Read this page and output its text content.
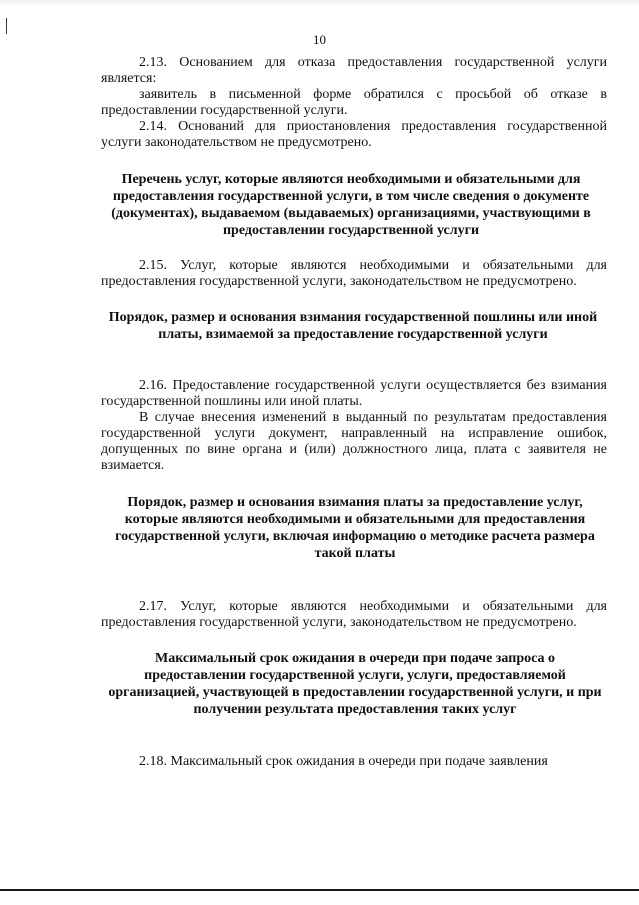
10

2.13. Основанием для отказа предоставления государственной услуги является:

заявитель в письменной форме обратился с просьбой об отказе в предоставлении государственной услуги.

2.14. Оснований для приостановления предоставления государственной услуги законодательством не предусмотрено.

Перечень услуг, которые являются необходимыми и обязательными для предоставления государственной услуги, в том числе сведения о документе (документах), выдаваемом (выдаваемых) организациями, участвующими в предоставлении государственной услуги

2.15. Услуг, которые являются необходимыми и обязательными для предоставления государственной услуги, законодательством не предусмотрено.

Порядок, размер и основания взимания государственной пошлины или иной платы, взимаемой за предоставление государственной услуги

2.16. Предоставление государственной услуги осуществляется без взимания государственной пошлины или иной платы.

В случае внесения изменений в выданный по результатам предоставления государственной услуги документ, направленный на исправление ошибок, допущенных по вине органа и (или) должностного лица, плата с заявителя не взимается.

Порядок, размер и основания взимания платы за предоставление услуг, которые являются необходимыми и обязательными для предоставления государственной услуги, включая информацию о методике расчета размера такой платы

2.17. Услуг, которые являются необходимыми и обязательными для предоставления государственной услуги, законодательством не предусмотрено.

Максимальный срок ожидания в очереди при подаче запроса о предоставлении государственной услуги, услуги, предоставляемой организацией, участвующей в предоставлении государственной услуги, и при получении результата предоставления таких услуг

2.18. Максимальный срок ожидания в очереди при подаче заявления
